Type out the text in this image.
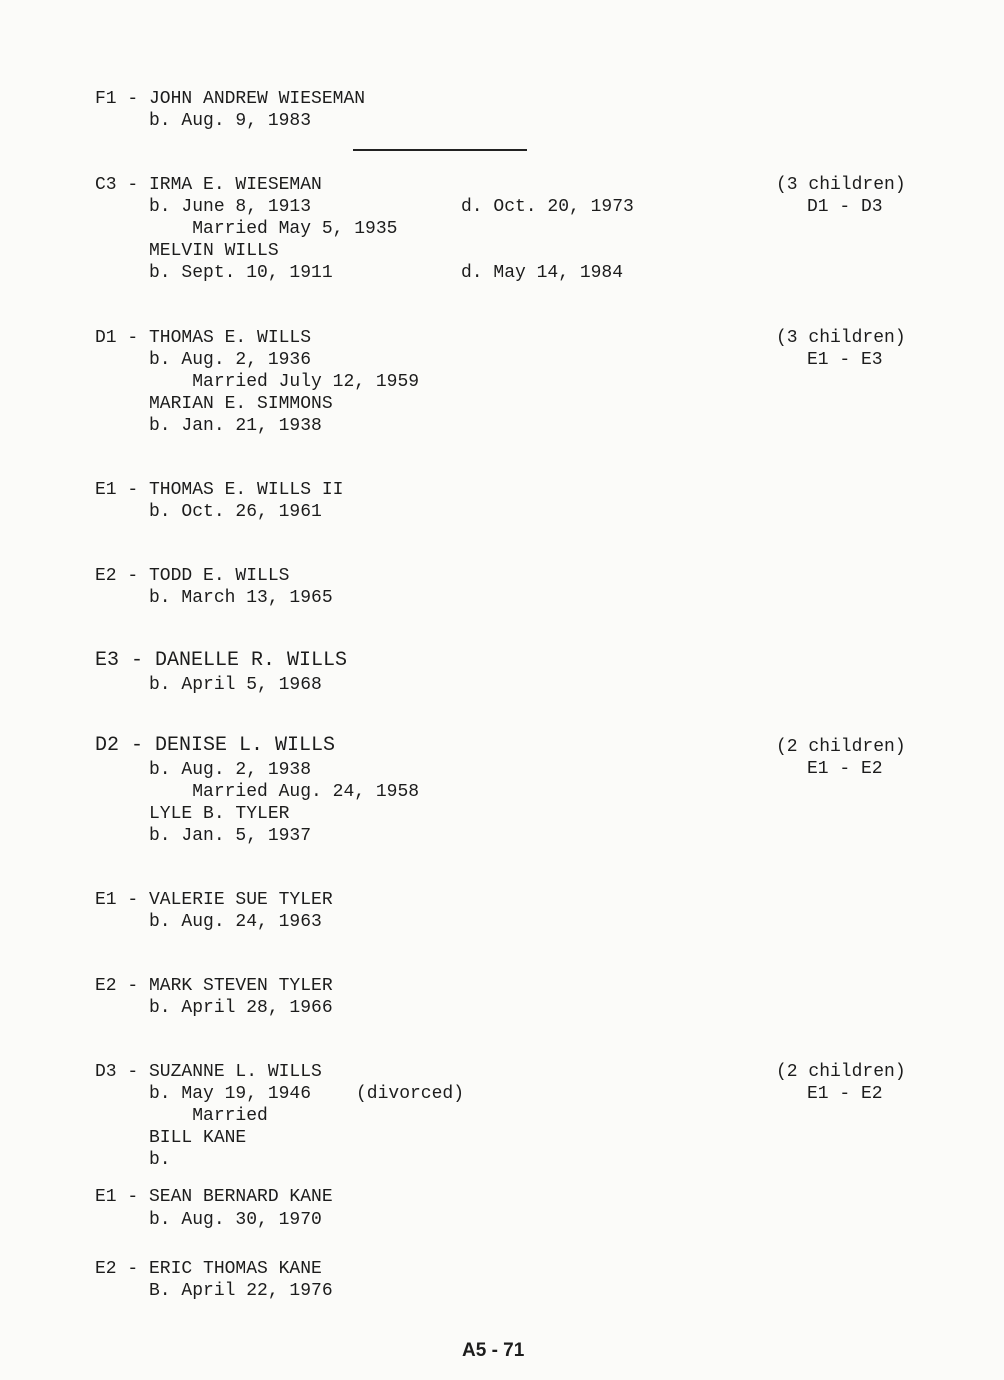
F1 - JOHN ANDREW WIESEMAN
b. Aug. 9, 1983
C3 - IRMA E. WIESEMAN
b. June 8, 1913
Married May 5, 1935
MELVIN WILLS
b. Sept. 10, 1911
d. Oct. 20, 1973
d. May 14, 1984
(3 children)
D1 - D3
D1 - THOMAS E. WILLS
b. Aug. 2, 1936
Married July 12, 1959
MARIAN E. SIMMONS
b. Jan. 21, 1938
(3 children)
E1 - E3
E1 - THOMAS E. WILLS II
b. Oct. 26, 1961
E2 - TODD E. WILLS
b. March 13, 1965
E3 - DANELLE R. WILLS
b. April 5, 1968
D2 - DENISE L. WILLS
b. Aug. 2, 1938
Married Aug. 24, 1958
LYLE B. TYLER
b. Jan. 5, 1937
(2 children)
E1 - E2
E1 - VALERIE SUE TYLER
b. Aug. 24, 1963
E2 - MARK STEVEN TYLER
b. April 28, 1966
D3 - SUZANNE L. WILLS
b. May 19, 1946
Married
BILL KANE
b.
(divorced)
(2 children)
E1 - E2
E1 - SEAN BERNARD KANE
b. Aug. 30, 1970
E2 - ERIC THOMAS KANE
B. April 22, 1976
A5 - 71
